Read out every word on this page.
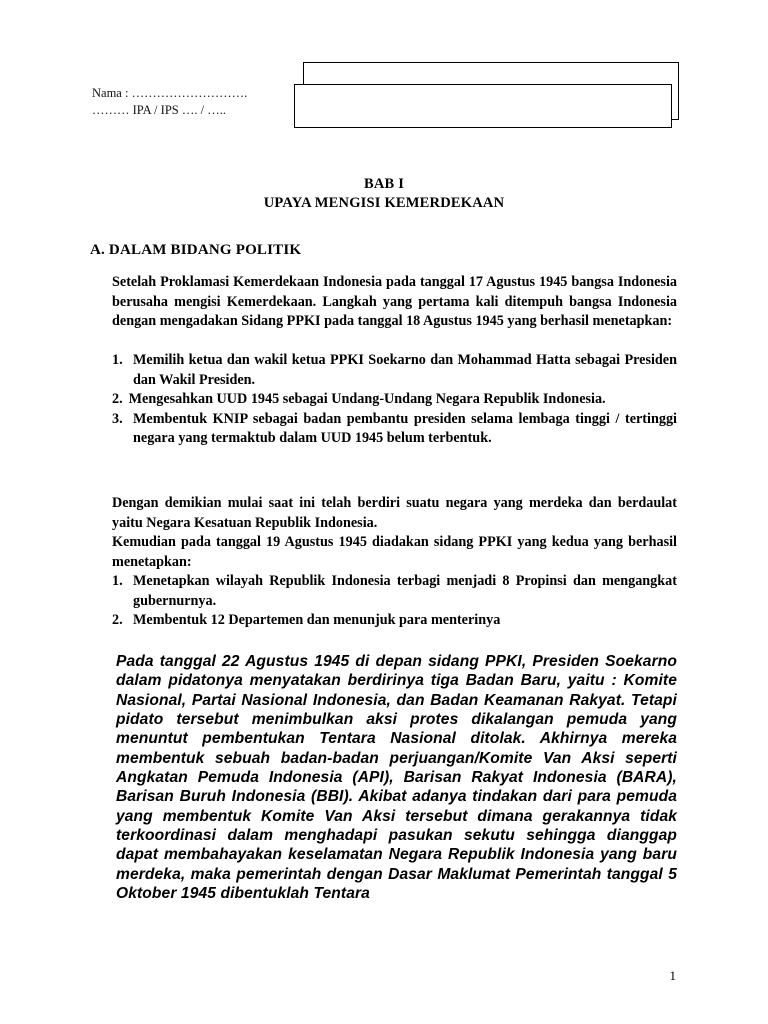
Nama : ……………………….
……… IPA / IPS …. / …..
BAB I
UPAYA MENGISI KEMERDEKAAN
A. DALAM BIDANG POLITIK
Setelah Proklamasi Kemerdekaan Indonesia pada tanggal 17 Agustus 1945 bangsa Indonesia berusaha mengisi Kemerdekaan. Langkah yang pertama kali ditempuh bangsa Indonesia dengan mengadakan Sidang PPKI pada tanggal 18 Agustus 1945 yang berhasil menetapkan:
1. Memilih ketua dan wakil ketua PPKI Soekarno dan Mohammad Hatta sebagai Presiden dan Wakil Presiden.
2. Mengesahkan UUD 1945 sebagai Undang-Undang Negara Republik Indonesia.
3. Membentuk KNIP sebagai badan pembantu presiden selama lembaga tinggi / tertinggi negara yang termaktub dalam UUD 1945 belum terbentuk.
Dengan demikian mulai saat ini telah berdiri suatu negara yang merdeka dan berdaulat yaitu Negara Kesatuan Republik Indonesia.
Kemudian pada tanggal 19 Agustus 1945 diadakan sidang PPKI yang kedua yang berhasil menetapkan:
1. Menetapkan wilayah Republik Indonesia terbagi menjadi 8 Propinsi dan mengangkat gubernurnya.
2. Membentuk 12 Departemen dan menunjuk para menterinya
Pada tanggal 22 Agustus 1945 di depan sidang PPKI, Presiden Soekarno dalam pidatonya menyatakan berdirinya tiga Badan Baru, yaitu : Komite Nasional, Partai Nasional Indonesia, dan Badan Keamanan Rakyat. Tetapi pidato tersebut menimbulkan aksi protes dikalangan pemuda yang menuntut pembentukan Tentara Nasional ditolak. Akhirnya mereka membentuk sebuah badan-badan perjuangan/Komite Van Aksi seperti Angkatan Pemuda Indonesia (API), Barisan Rakyat Indonesia (BARA), Barisan Buruh Indonesia (BBI). Akibat adanya tindakan dari para pemuda yang membentuk Komite Van Aksi tersebut dimana gerakannya tidak terkoordinasi dalam menghadapi pasukan sekutu sehingga dianggap dapat membahayakan keselamatan Negara Republik Indonesia yang baru merdeka, maka pemerintah dengan Dasar Maklumat Pemerintah tanggal 5 Oktober 1945 dibentuklah Tentara
1
